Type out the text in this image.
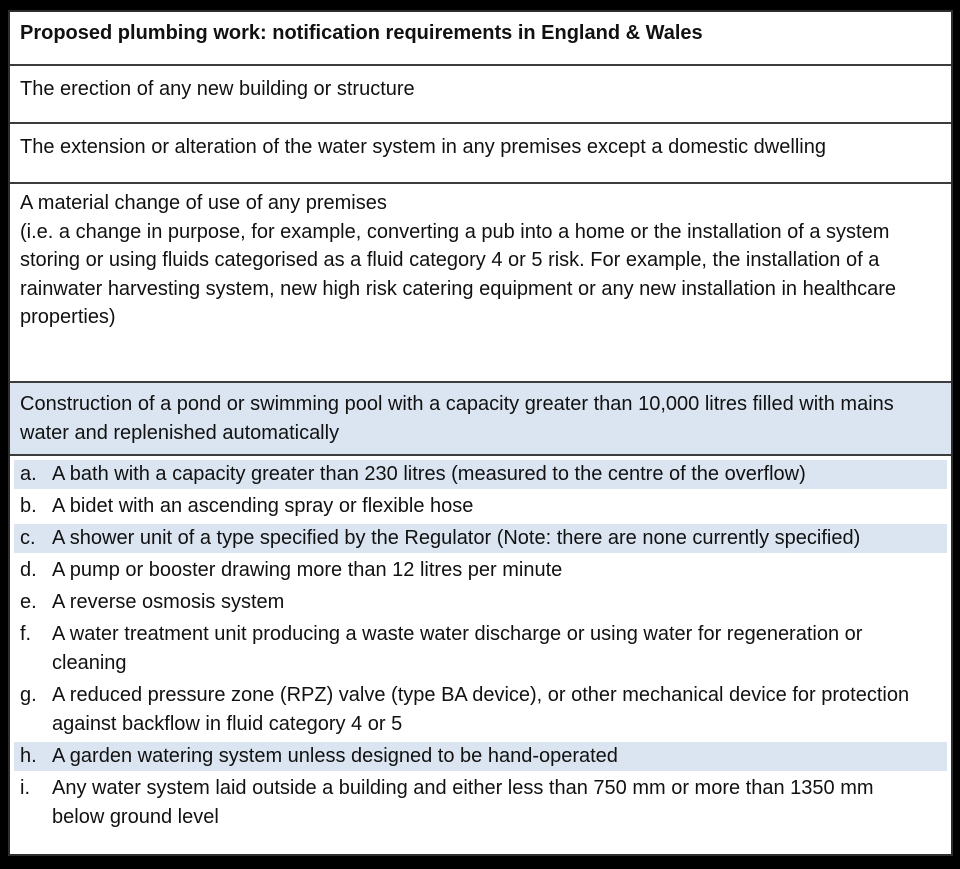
Proposed plumbing work: notification requirements in England & Wales
The erection of any new building or structure
The extension or alteration of the water system in any premises except a domestic dwelling

A material change of use of any premises

(i.e. a change in purpose, for example, converting a pub into a home or the installation of a system storing or using fluids categorised as a fluid category 4 or 5 risk. For example, the installation of a rainwater harvesting system, new high risk catering equipment or any new installation in healthcare properties)

Construction of a pond or swimming pool with a capacity greater than 10,000 litres filled with mains water and replenished automatically
a. A bath with a capacity greater than 230 litres (measured to the centre of the overflow)
b. A bidet with an ascending spray or flexible hose
c. A shower unit of a type specified by the Regulator (Note: there are none currently specified)
d. A pump or booster drawing more than 12 litres per minute
e. A reverse osmosis system
f.	A water treatment unit producing a waste water discharge or using water for regeneration or cleaning
g. A reduced pressure zone (RPZ) valve (type BA device), or other mechanical device for protection against backflow in fluid category 4 or 5
h. A garden watering system unless designed to be hand-operated
i.	Any water system laid outside a building and either less than 750 mm or more than 1350 mm below ground level
